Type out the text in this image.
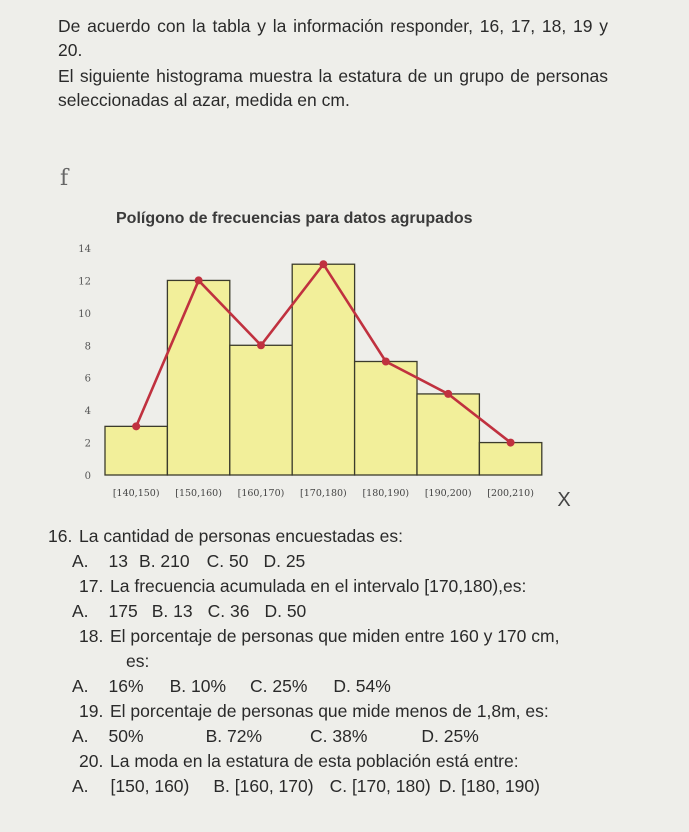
De acuerdo con la tabla y la información responder, 16, 17, 18, 19 y 20.

El siguiente histograma muestra la estatura de un grupo de personas seleccionadas al azar, medida en cm.

f
Polígono de frecuencias para datos agrupados
0
2
4
6
8
10
12
14
[140,150) [150,160) [160,170) [170,180) [180,190) [190,200) [200,210) X
16. La cantidad de personas encuestadas es:
A. 13 B. 210 C. 50 D. 25
17. La frecuencia acumulada en el intervalo [170,180),es:
A. 175 B. 13 C. 36 D. 50
18. El porcentaje de personas que miden entre 160 y 170 cm,
es:
A. 16% B. 10% C. 25% D. 54%
19. El porcentaje de personas que mide menos de 1,8m, es:
A. 50%	B. 72%	C. 38%	D. 25%
20. La moda en la estatura de esta población está entre:
A. [150, 160) B. [160, 170) C. [170, 180) D. [180, 190)
